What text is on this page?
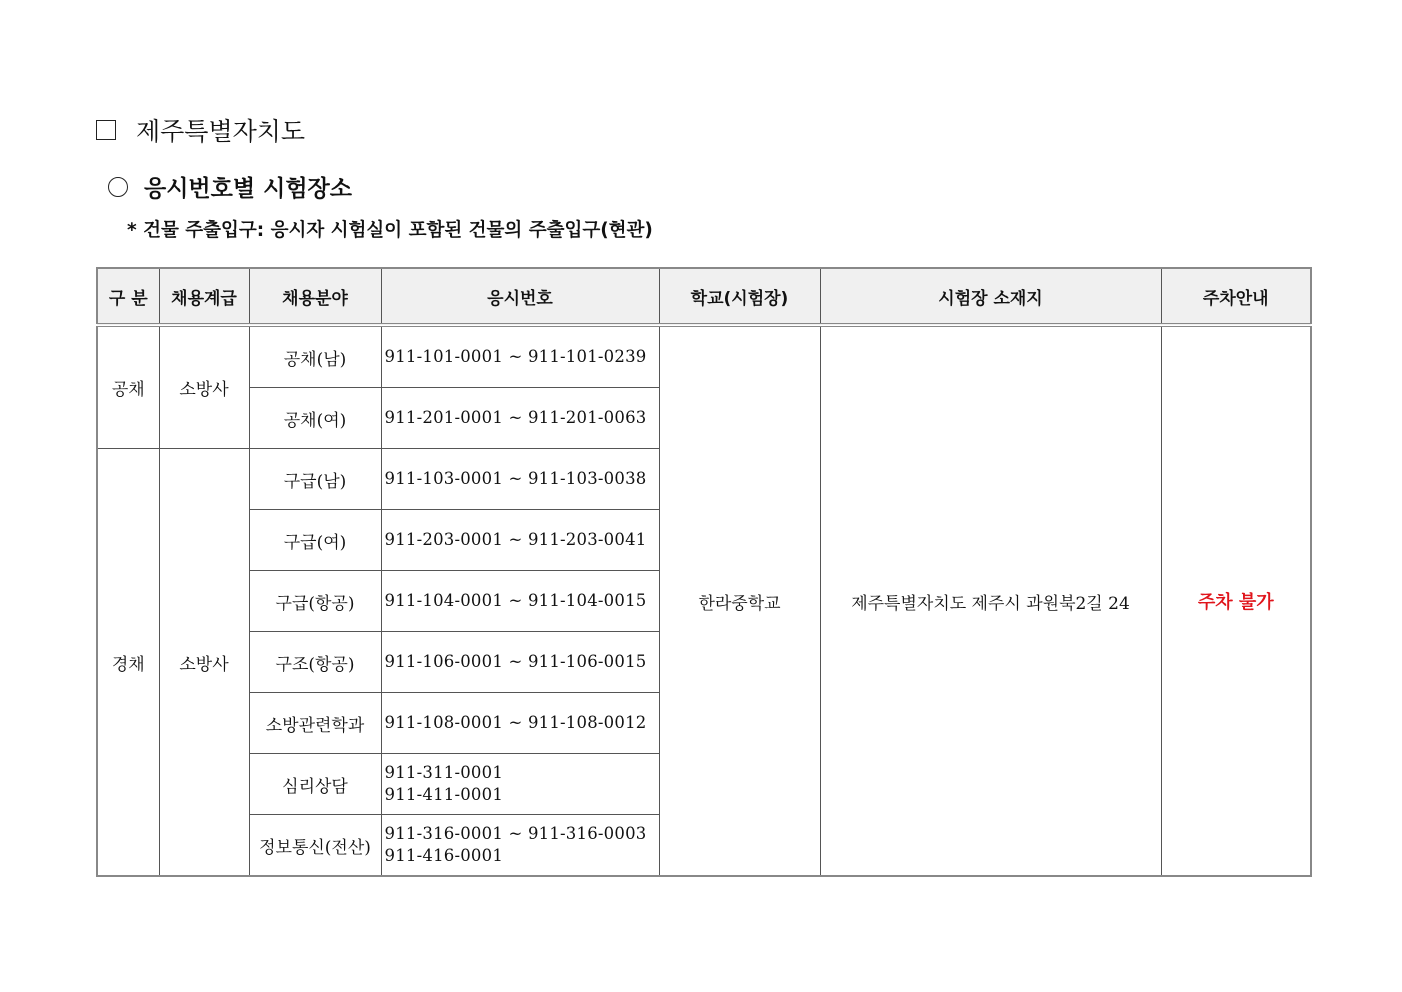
제주특별자치도
응시번호별 시험장소
* 건물 주출입구: 응시자 시험실이 포함된 건물의 주출입구(현관)
구 분	채용계급	채용분야	응시번호	학교(시험장)	시험장 소재지	주차안내
공채	소방사	공채(남)	911-101-0001 ~ 911-101-0239	한라중학교	제주특별자치도 제주시 과원북2길 24	주차 불가
		공채(여)	911-201-0001 ~ 911-201-0063			
경채	소방사	구급(남)	911-103-0001 ~ 911-103-0038			
		구급(여)	911-203-0001 ~ 911-203-0041			
		구급(항공)	911-104-0001 ~ 911-104-0015			
		구조(항공)	911-106-0001 ~ 911-106-0015			
		소방관련학과	911-108-0001 ~ 911-108-0012			
		심리상담	911-311-0001
911-411-0001			

		정보통신(전산)	911-316-0001 ~ 911-316-0003
911-416-0001			
